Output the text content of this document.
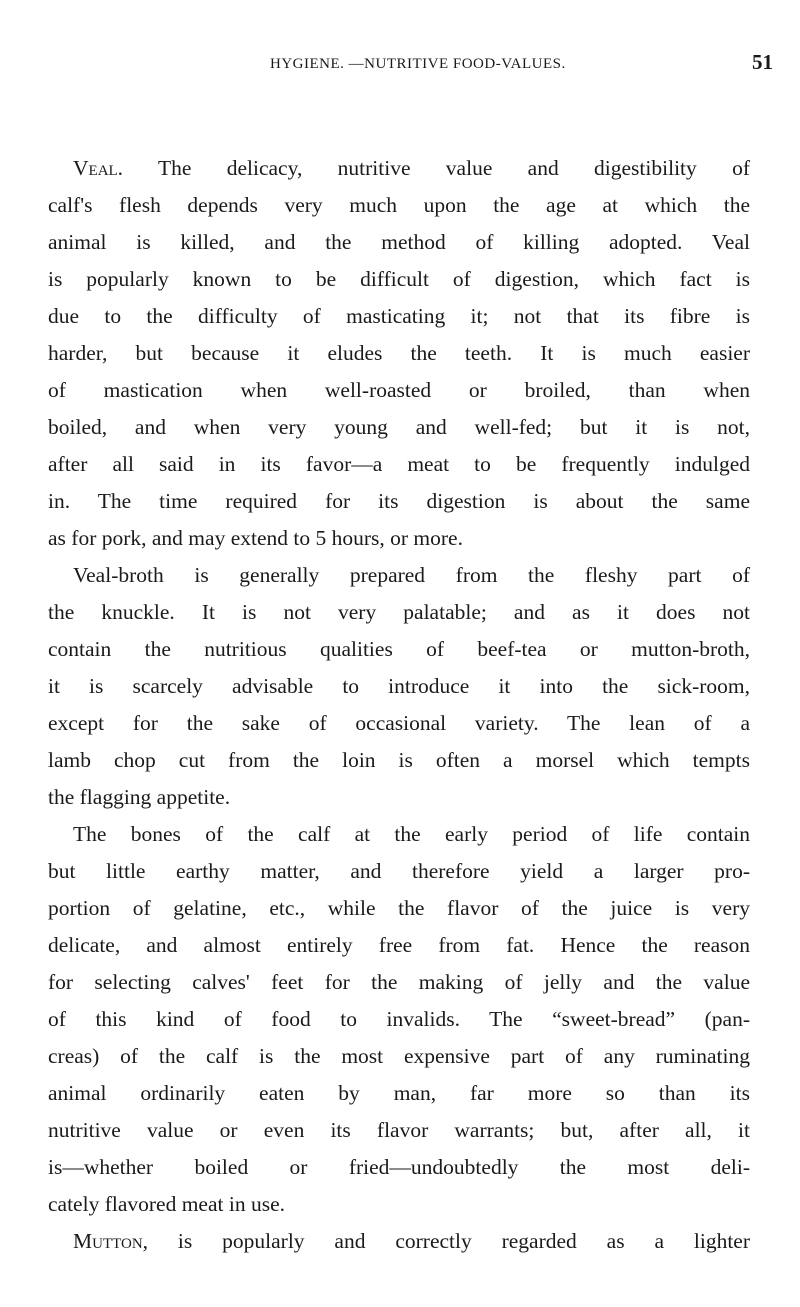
HYGIENE. —NUTRITIVE FOOD-VALUES.	51
Veal. The delicacy, nutritive value and digestibility of
calf's flesh depends very much upon the age at which the
animal is killed, and the method of killing adopted. Veal
is popularly known to be difficult of digestion, which fact is
due to the difficulty of masticating it; not that its fibre is
harder, but because it eludes the teeth. It is much easier
of mastication when well-roasted or broiled, than when
boiled, and when very young and well-fed; but it is not,
after all said in its favor—a meat to be frequently indulged
in. The time required for its digestion is about the same
as for pork, and may extend to 5 hours, or more.
Veal-broth is generally prepared from the fleshy part of
the knuckle. It is not very palatable; and as it does not
contain the nutritious qualities of beef-tea or mutton-broth,
it is scarcely advisable to introduce it into the sick-room,
except for the sake of occasional variety. The lean of a
lamb chop cut from the loin is often a morsel which tempts
the flagging appetite.
The bones of the calf at the early period of life contain
but little earthy matter, and therefore yield a larger pro-
portion of gelatine, etc., while the flavor of the juice is very
delicate, and almost entirely free from fat. Hence the reason
for selecting calves' feet for the making of jelly and the value
of this kind of food to invalids. The “sweet-bread” (pan-
creas) of the calf is the most expensive part of any ruminating
animal ordinarily eaten by man, far more so than its
nutritive value or even its flavor warrants; but, after all, it
is—whether boiled or fried—undoubtedly the most deli-
cately flavored meat in use.
Mutton, is popularly and correctly regarded as a lighter
